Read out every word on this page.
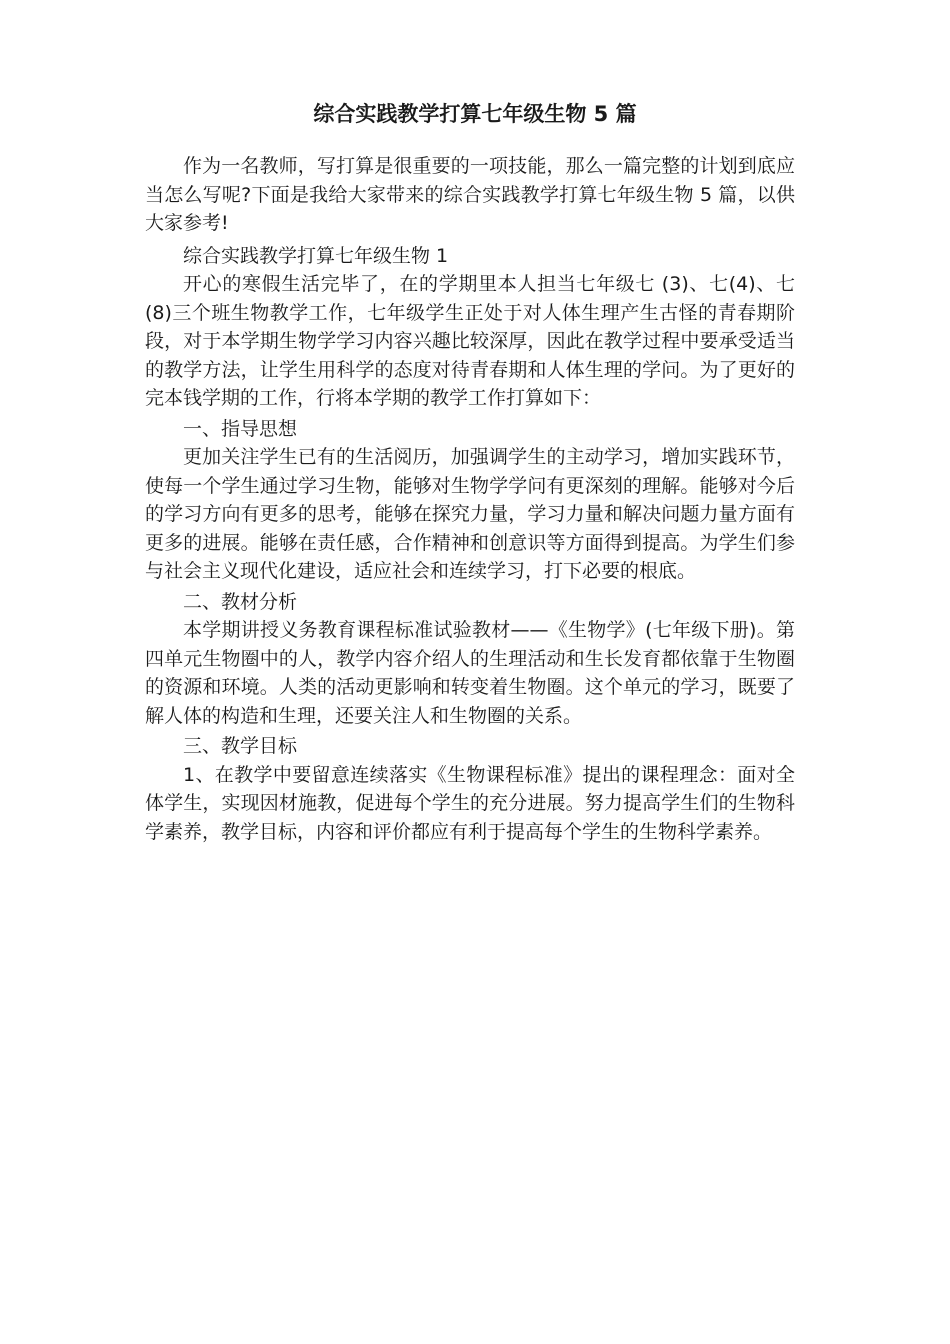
综合实践教学打算七年级生物 5 篇

作为一名教师，写打算是很重要的一项技能，那么一篇完整的计划到底应当怎么写呢?下面是我给大家带来的综合实践教学打算七年级生物 5 篇，以供大家参考!

综合实践教学打算七年级生物 1

开心的寒假生活完毕了，在的学期里本人担当七年级七 (3)、七(4)、七(8)三个班生物教学工作，七年级学生正处于对人体生理产生古怪的青春期阶段，对于本学期生物学学习内容兴趣比较深厚，因此在教学过程中要承受适当的教学方法，让学生用科学的态度对待青春期和人体生理的学问。为了更好的完本钱学期的工作，行将本学期的教学工作打算如下：

一、指导思想

更加关注学生已有的生活阅历，加强调学生的主动学习，增加实践环节，使每一个学生通过学习生物，能够对生物学学问有更深刻的理解。能够对今后的学习方向有更多的思考，能够在探究力量，学习力量和解决问题力量方面有更多的进展。能够在责任感，合作精神和创意识等方面得到提高。为学生们参与社会主义现代化建设，适应社会和连续学习，打下必要的根底。

二、教材分析

本学期讲授义务教育课程标准试验教材——《生物学》(七年级下册)。第四单元生物圈中的人，教学内容介绍人的生理活动和生长发育都依靠于生物圈的资源和环境。人类的活动更影响和转变着生物圈。这个单元的学习，既要了解人体的构造和生理，还要关注人和生物圈的关系。

三、教学目标

1、在教学中要留意连续落实《生物课程标准》提出的课程理念：面对全体学生，实现因材施教，促进每个学生的充分进展。努力提高学生们的生物科学素养，教学目标，内容和评价都应有利于提高每个学生的生物科学素养。
